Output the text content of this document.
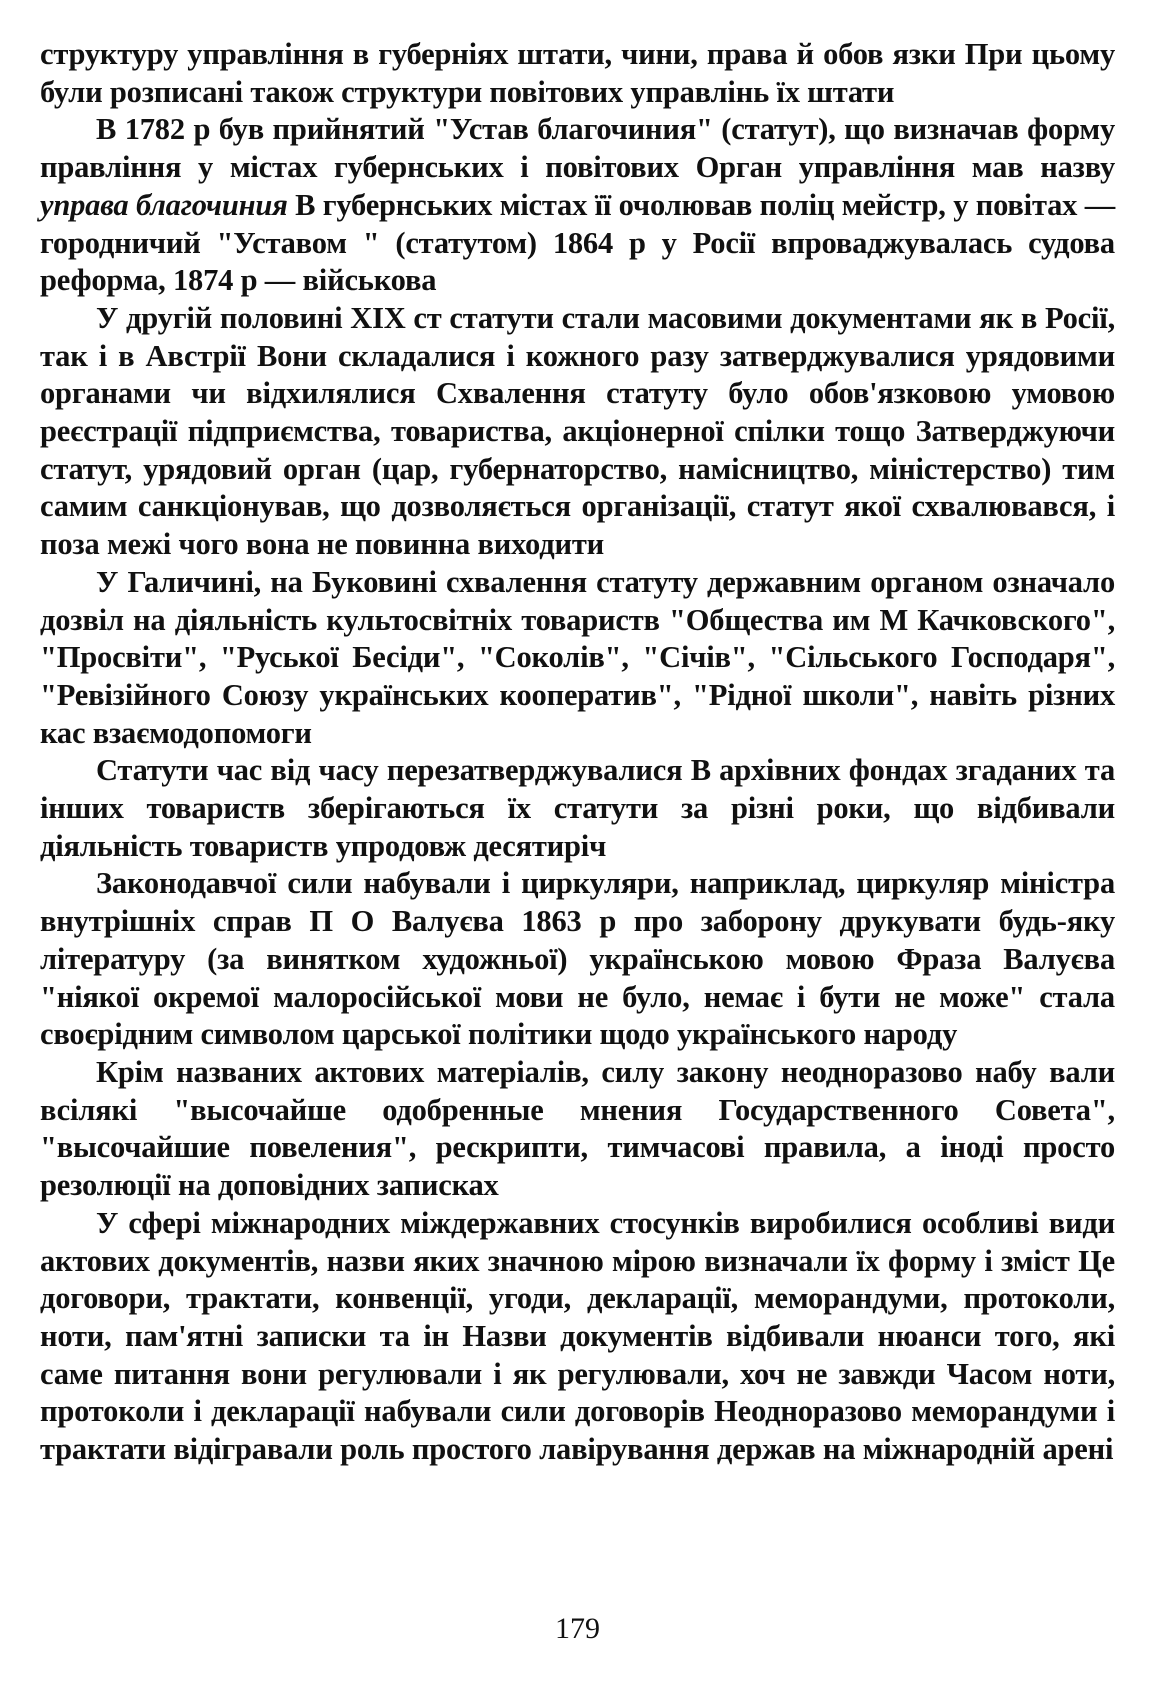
структуру управління в губерніях штати, чини, права й обов язки При цьому були розписані також структури повітових управлінь їх штати

В 1782 р був прийнятий "Устав благочиния" (статут), що визначав форму правління у містах губернських і повітових Орган управління мав назву управа благочиния В губернських містах її очолював поліц мейстр, у повітах — городничий "Уставом " (статутом) 1864 р у Росії впроваджувалась судова реформа, 1874 р — військова

У другій половині XIX ст статути стали масовими документами як в Росії, так і в Австрії Вони складалися і кожного разу затверджувалися урядовими органами чи відхилялися Схвалення статуту було обов'язковою умовою реєстрації підприємства, товариства, акціонерної спілки тощо Затверджуючи статут, урядовий орган (цар, губернаторство, намісництво, міністерство) тим самим санкціонував, що дозволяється організації, статут якої схвалювався, і поза межі чого вона не повинна виходити

У Галичині, на Буковині схвалення статуту державним органом означало дозвіл на діяльність культосвітніх товариств "Общества им М Качковского", "Просвіти", "Руської Бесіди", "Соколів", "Січів", "Сільського Господаря", "Ревізійного Союзу українських кооператив", "Рідної школи", навіть різних кас взаємодопомоги

Статути час від часу перезатверджувалися В архівних фондах згаданих та інших товариств зберігаються їх статути за різні роки, що відбивали діяльність товариств упродовж десятиріч

Законодавчої сили набували і циркуляри, наприклад, циркуляр міністра внутрішніх справ П О Валуєва 1863 р про заборону друкувати будь-яку літературу (за винятком художньої) українською мовою Фраза Валуєва "ніякої окремої малоросійської мови не було, немає і бути не може" стала своєрідним символом царської політики щодо українського народу

Крім названих актових матеріалів, силу закону неодноразово набу вали всілякі "высочайше одобренные мнения Государственного Совета", "высочайшие повеления", рескрипти, тимчасові правила, а іноді просто резолюції на доповідних записках

У сфері міжнародних міждержавних стосунків виробилися особливі види актових документів, назви яких значною мірою визначали їх форму і зміст Це договори, трактати, конвенції, угоди, декларації, меморандуми, протоколи, ноти, пам'ятні записки та ін Назви документів відбивали нюанси того, які саме питання вони регулювали і як регулювали, хоч не завжди Часом ноти, протоколи і декларації набували сили договорів Неодноразово меморандуми і трактати відігравали роль простого лавірування держав на міжнародній арені

179
